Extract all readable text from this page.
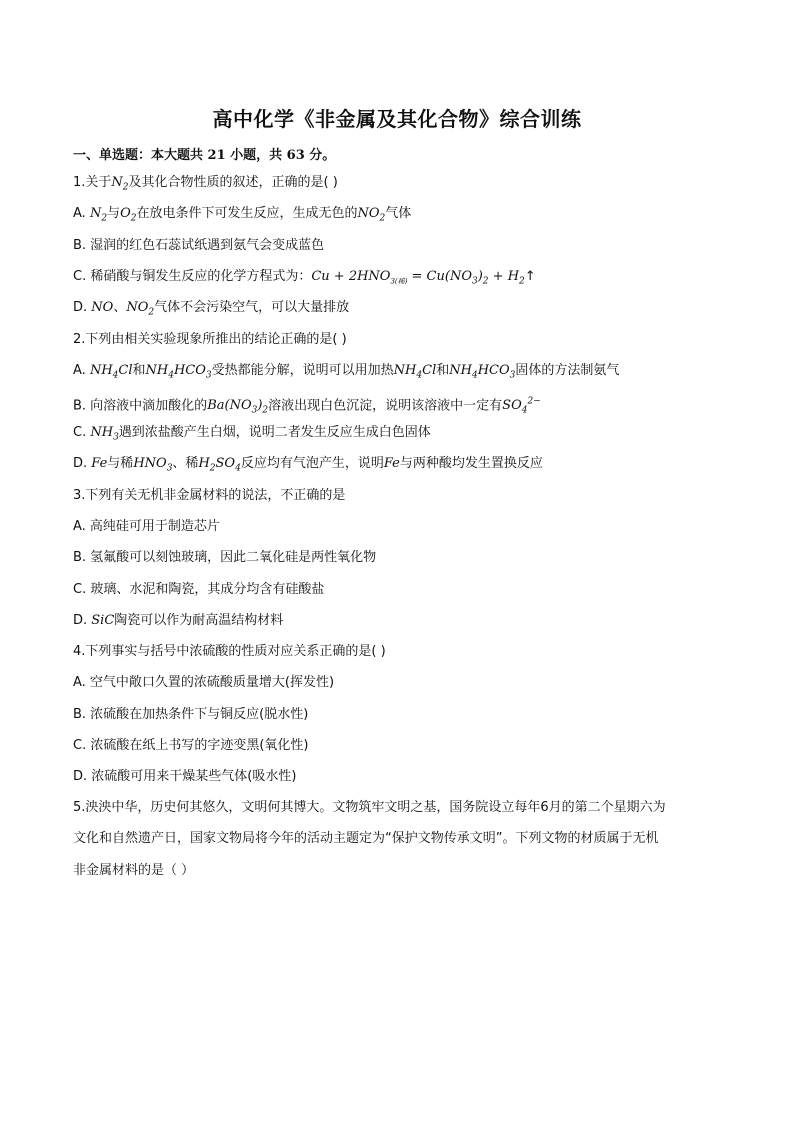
高中化学《非金属及其化合物》综合训练
一、单选题：本大题共 21 小题，共 63 分。
1.关于$N_2$及其化合物性质的叙述，正确的是( )
A. $N_2$与$O_2$在放电条件下可发生反应，生成无色的$NO_2$气体
B. 湿润的红色石蕊试纸遇到氨气会变成蓝色
C. 稀硝酸与铜发生反应的化学方程式为：$Cu + 2HNO_{3(稀)} = Cu(NO_3)_2$ + $H_2↑$
D. NO、$NO_2$气体不会污染空气，可以大量排放
2.下列由相关实验现象所推出的结论正确的是( )
A. $NH_4Cl$和$NH_4HCO_3$受热都能分解，说明可以用加热$NH_4Cl$和$NH_4HCO_3$固体的方法制氨气
B. 向溶液中滴加酸化的$Ba(NO_3)_2$溶液出现白色沉淀，说明该溶液中一定有$SO_4^{2-}$
C. $NH_3$遇到浓盐酸产生白烟，说明二者发生反应生成白色固体
D. Fe与稀$HNO_3$、稀$H_2SO_4$反应均有气泡产生，说明Fe与两种酸均发生置换反应
3.下列有关无机非金属材料的说法，不正确的是
A. 高纯硅可用于制造芯片
B. 氢氟酸可以刻蚀玻璃，因此二氧化硅是两性氧化物
C. 玻璃、水泥和陶瓷，其成分均含有硅酸盐
D. SiC陶瓷可以作为耐高温结构材料
4.下列事实与括号中浓硫酸的性质对应关系正确的是( )
A. 空气中敞口久置的浓硫酸质量增大(挥发性)
B. 浓硫酸在加热条件下与铜反应(脱水性)
C. 浓硫酸在纸上书写的字迹变黑(氧化性)
D. 浓硫酸可用来干燥某些气体(吸水性)
5.泱泱中华，历史何其悠久，文明何其博大。文物筑牢文明之基，国务院设立每年6月的第二个星期六为
文化和自然遗产日，国家文物局将今年的活动主题定为“保护文物传承文明”。下列文物的材质属于无机
非金属材料的是（ ）
